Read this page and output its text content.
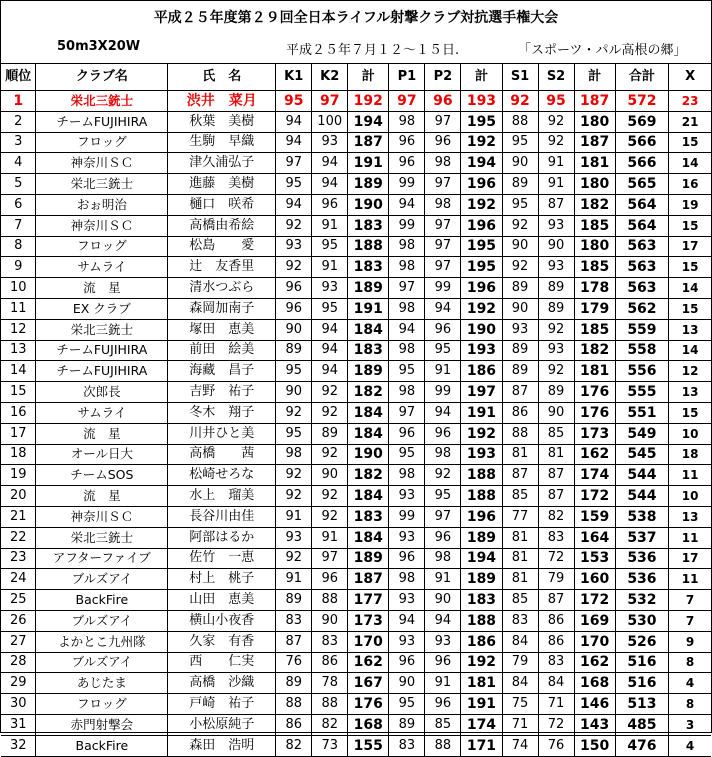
平成２５年度第２９回全日本ライフル射撃クラブ対抗選手権大会
50m3X20W	平成２５年７月１２～１５日.	「スポーツ・パル高根の郷」
順位	クラブ名	氏　名	K1	K2	計	P1	P2	計	S1	S2	計	合計	X
1	栄北三銃士	渋井　菜月	95	97	192	97	96	193	92	95	187	572	23
2	チームFUJIHIRA	秋葉　美樹	94	100	194	98	97	195	88	92	180	569	21
3	フロッグ	生駒　早織	94	93	187	96	96	192	95	92	187	566	15
4	神奈川ＳＣ	津久浦弘子	97	94	191	96	98	194	90	91	181	566	14
5	栄北三銃士	進藤　美樹	95	94	189	99	97	196	89	91	180	565	16
6	おぉ明治	樋口　咲希	94	96	190	94	98	192	95	87	182	564	19
7	神奈川ＳＣ	高橋由希絵	92	91	183	99	97	196	92	93	185	564	15
8	フロッグ	松島　　愛	93	95	188	98	97	195	90	90	180	563	17
9	サムライ	辻　友香里	92	91	183	98	97	195	92	93	185	563	15
10	流　星	清水つぶら	96	93	189	97	99	196	89	89	178	563	14
11	EX クラブ	森岡加南子	96	95	191	98	94	192	90	89	179	562	15
12	栄北三銃士	塚田　恵美	90	94	184	94	96	190	93	92	185	559	13
13	チームFUJIHIRA	前田　絵美	89	94	183	98	95	193	89	93	182	558	14
14	チームFUJIHIRA	海藏　昌子	95	94	189	95	91	186	89	92	181	556	12
15	次郎長	吉野　祐子	90	92	182	98	99	197	87	89	176	555	13
16	サムライ	冬木　翔子	92	92	184	97	94	191	86	90	176	551	15
17	流　星	川井ひと美	95	89	184	96	96	192	88	85	173	549	10
18	オール日大	高橋　　茜	98	92	190	95	98	193	81	81	162	545	18
19	チームSOS	松崎せろな	92	90	182	98	92	188	87	87	174	544	11
20	流　星	水上　瑠美	92	92	184	93	95	188	85	87	172	544	10
21	神奈川ＳＣ	長谷川由佳	91	92	183	99	97	196	77	82	159	538	13
22	栄北三銃士	阿部はるか	93	91	184	93	96	189	81	83	164	537	11
23	アフターファイブ	佐竹　一恵	92	97	189	96	98	194	81	72	153	536	17
24	ブルズアイ	村上　桃子	91	96	187	98	91	189	81	79	160	536	11
25	BackFire	山田　恵美	89	88	177	93	90	183	85	87	172	532	7
26	ブルズアイ	横山小夜香	83	90	173	94	94	188	83	86	169	530	7
27	よかとこ九州隊	久家　有香	87	83	170	93	93	186	84	86	170	526	9
28	ブルズアイ	西　　仁実	76	86	162	96	96	192	79	83	162	516	8
29	あじたま	高橋　沙織	89	78	167	90	91	181	84	84	168	516	4
30	フロッグ	戸崎　祐子	88	88	176	95	96	191	75	71	146	513	8
31	赤門射撃会	小松原純子	86	82	168	89	85	174	71	72	143	485	3
32	BackFire	森田　浩明	82	73	155	83	88	171	74	76	150	476	4
